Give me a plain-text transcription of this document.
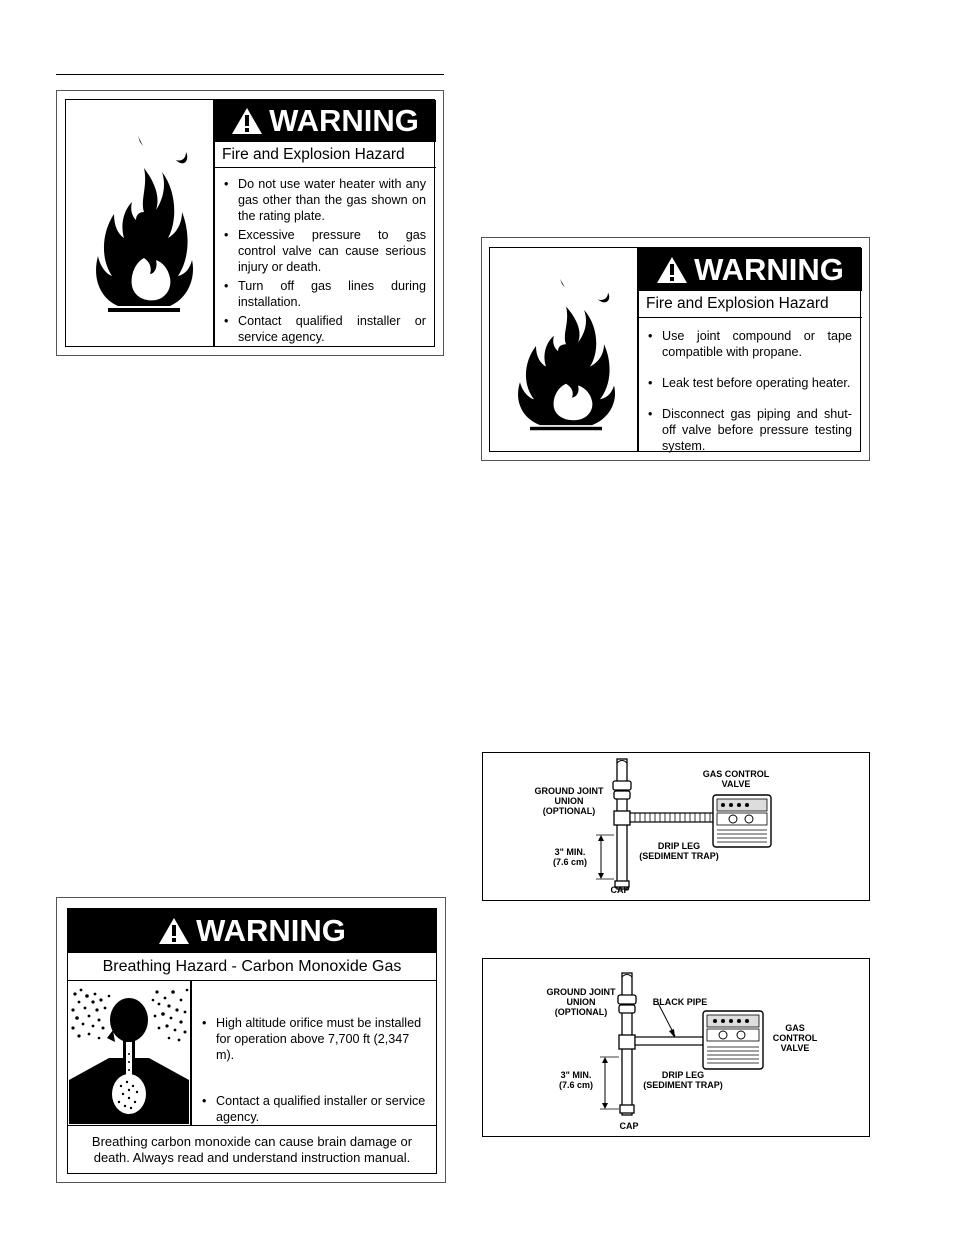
WARNING
Fire and Explosion Hazard
• Do not use water heater with any gas other than the gas shown on the rating plate.
• Excessive pressure to gas control valve can cause serious injury or death.
• Turn off gas lines during installation.
• Contact qualified installer or service agency.
WARNING
Fire and Explosion Hazard
• Use joint compound or tape compatible with propane.
• Leak test before operating heater.
• Disconnect gas piping and shut-off valve before pressure testing system.
GROUND JOINT
UNION
(OPTIONAL)
GAS CONTROL
VALVE
3" MIN.
(7.6 cm)
DRIP LEG
(SEDIMENT TRAP)
CAP
WARNING
Breathing Hazard - Carbon Monoxide Gas
• High altitude orifice must be installed for operation above 7,700 ft (2,347 m).
• Contact a qualified installer or service agency.
Breathing carbon monoxide can cause brain damage or death. Always read and understand instruction manual.
GROUND JOINT
UNION
(OPTIONAL)
BLACK PIPE
GAS
CONTROL
VALVE
3" MIN.
(7.6 cm)
DRIP LEG
(SEDIMENT TRAP)
CAP
